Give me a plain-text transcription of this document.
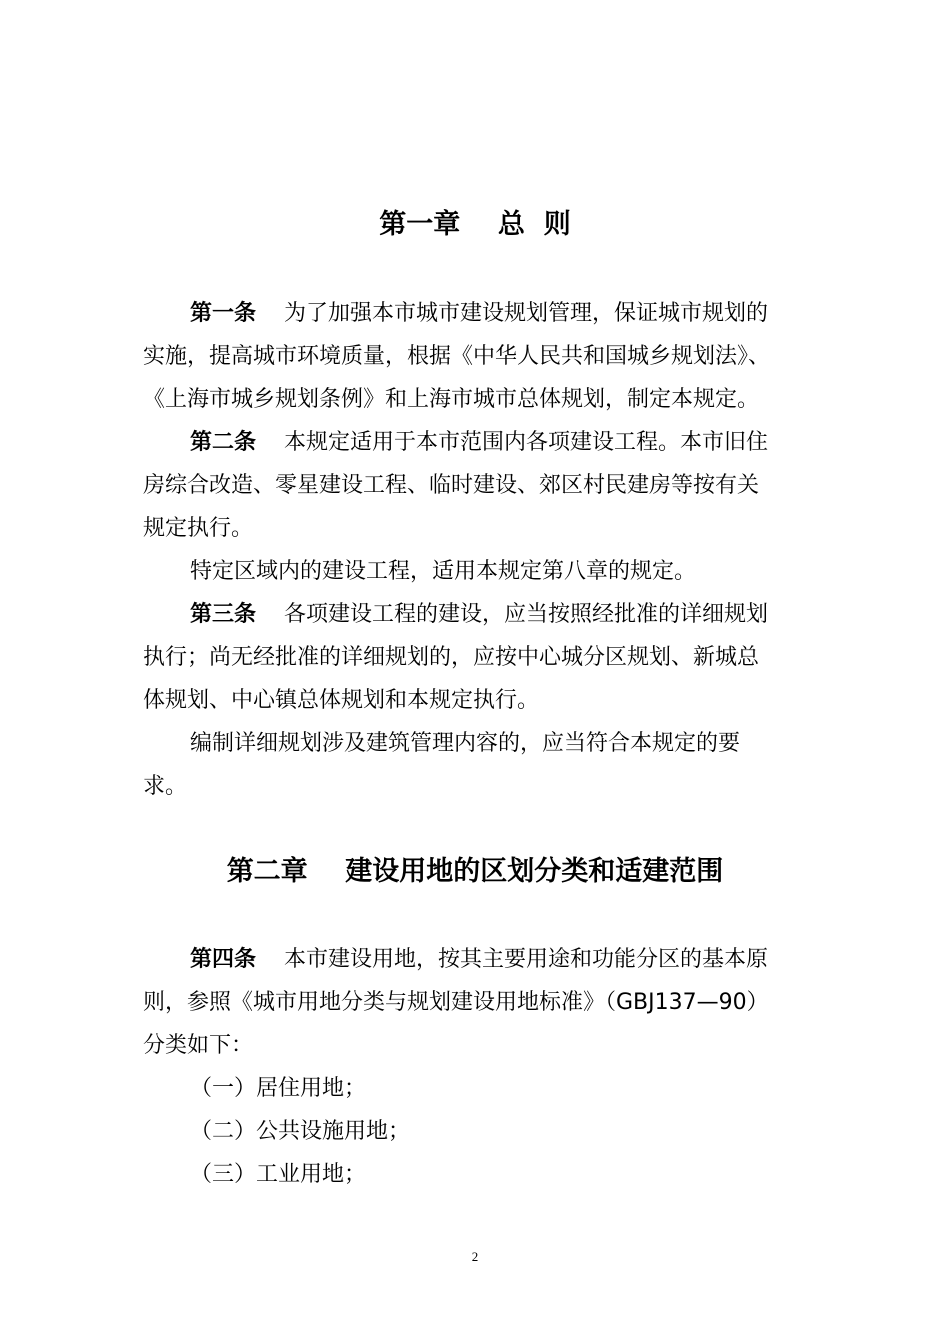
第一章    总  则
第一条 为了加强本市城市建设规划管理，保证城市规划的
实施，提高城市环境质量，根据《中华人民共和国城乡规划法》、
《上海市城乡规划条例》和上海市城市总体规划，制定本规定。
第二条 本规定适用于本市范围内各项建设工程。本市旧住
房综合改造、零星建设工程、临时建设、郊区村民建房等按有关
规定执行。
特定区域内的建设工程，适用本规定第八章的规定。
第三条 各项建设工程的建设，应当按照经批准的详细规划
执行；尚无经批准的详细规划的，应按中心城分区规划、新城总
体规划、中心镇总体规划和本规定执行。
编制详细规划涉及建筑管理内容的，应当符合本规定的要
求。
第二章    建设用地的区划分类和适建范围
第四条 本市建设用地，按其主要用途和功能分区的基本原
则，参照《城市用地分类与规划建设用地标准》（GBJ137—90）
分类如下：
（一）居住用地；
（二）公共设施用地；
（三）工业用地；
2
